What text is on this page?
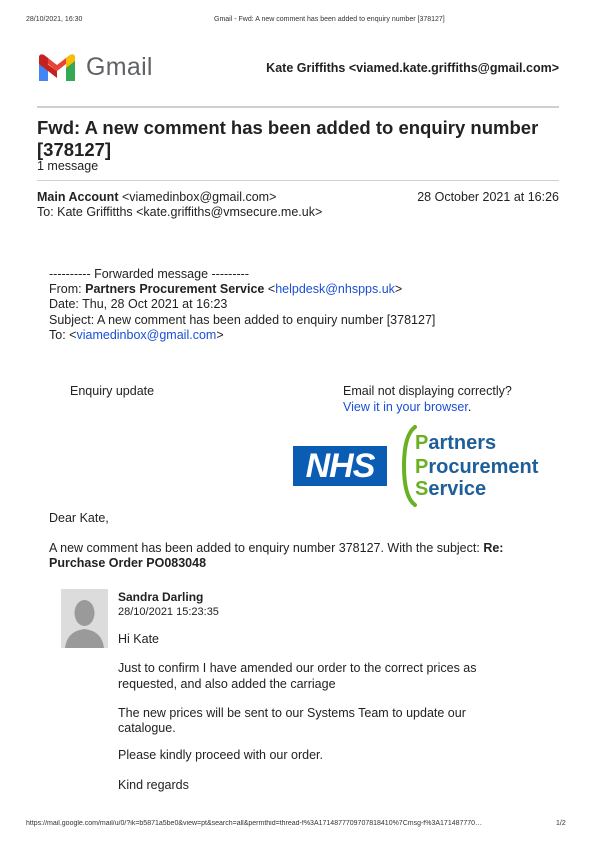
28/10/2021, 16:30	Gmail - Fwd: A new comment has been added to enquiry number [378127]
Gmail	Kate Griffiths <viamed.kate.griffiths@gmail.com>
Fwd: A new comment has been added to enquiry number [378127]
1 message
Main Account <viamedinbox@gmail.com>	28 October 2021 at 16:26
To: Kate Griffitths <kate.griffiths@vmsecure.me.uk>
---------- Forwarded message ---------
From: Partners Procurement Service <helpdesk@nhspps.uk>
Date: Thu, 28 Oct 2021 at 16:23
Subject: A new comment has been added to enquiry number [378127]
To: <viamedinbox@gmail.com>
Enquiry update	Email not displaying correctly?
View it in your browser.
NHS
Partners
Procurement
Service
Dear Kate,
A new comment has been added to enquiry number 378127. With the subject: Re:
Purchase Order PO083048
Sandra Darling
28/10/2021 15:23:35
Hi Kate
Just to confirm I have amended our order to the correct prices as
requested, and also added the carriage
The new prices will be sent to our Systems Team to update our
catalogue.
Please kindly proceed with our order.
Kind regards
https://mail.google.com/mail/u/0/?ik=b5871a5be0&view=pt&search=all&permthid=thread-f%3A1714877709707818410%7Cmsg-f%3A171487770…	1/2
